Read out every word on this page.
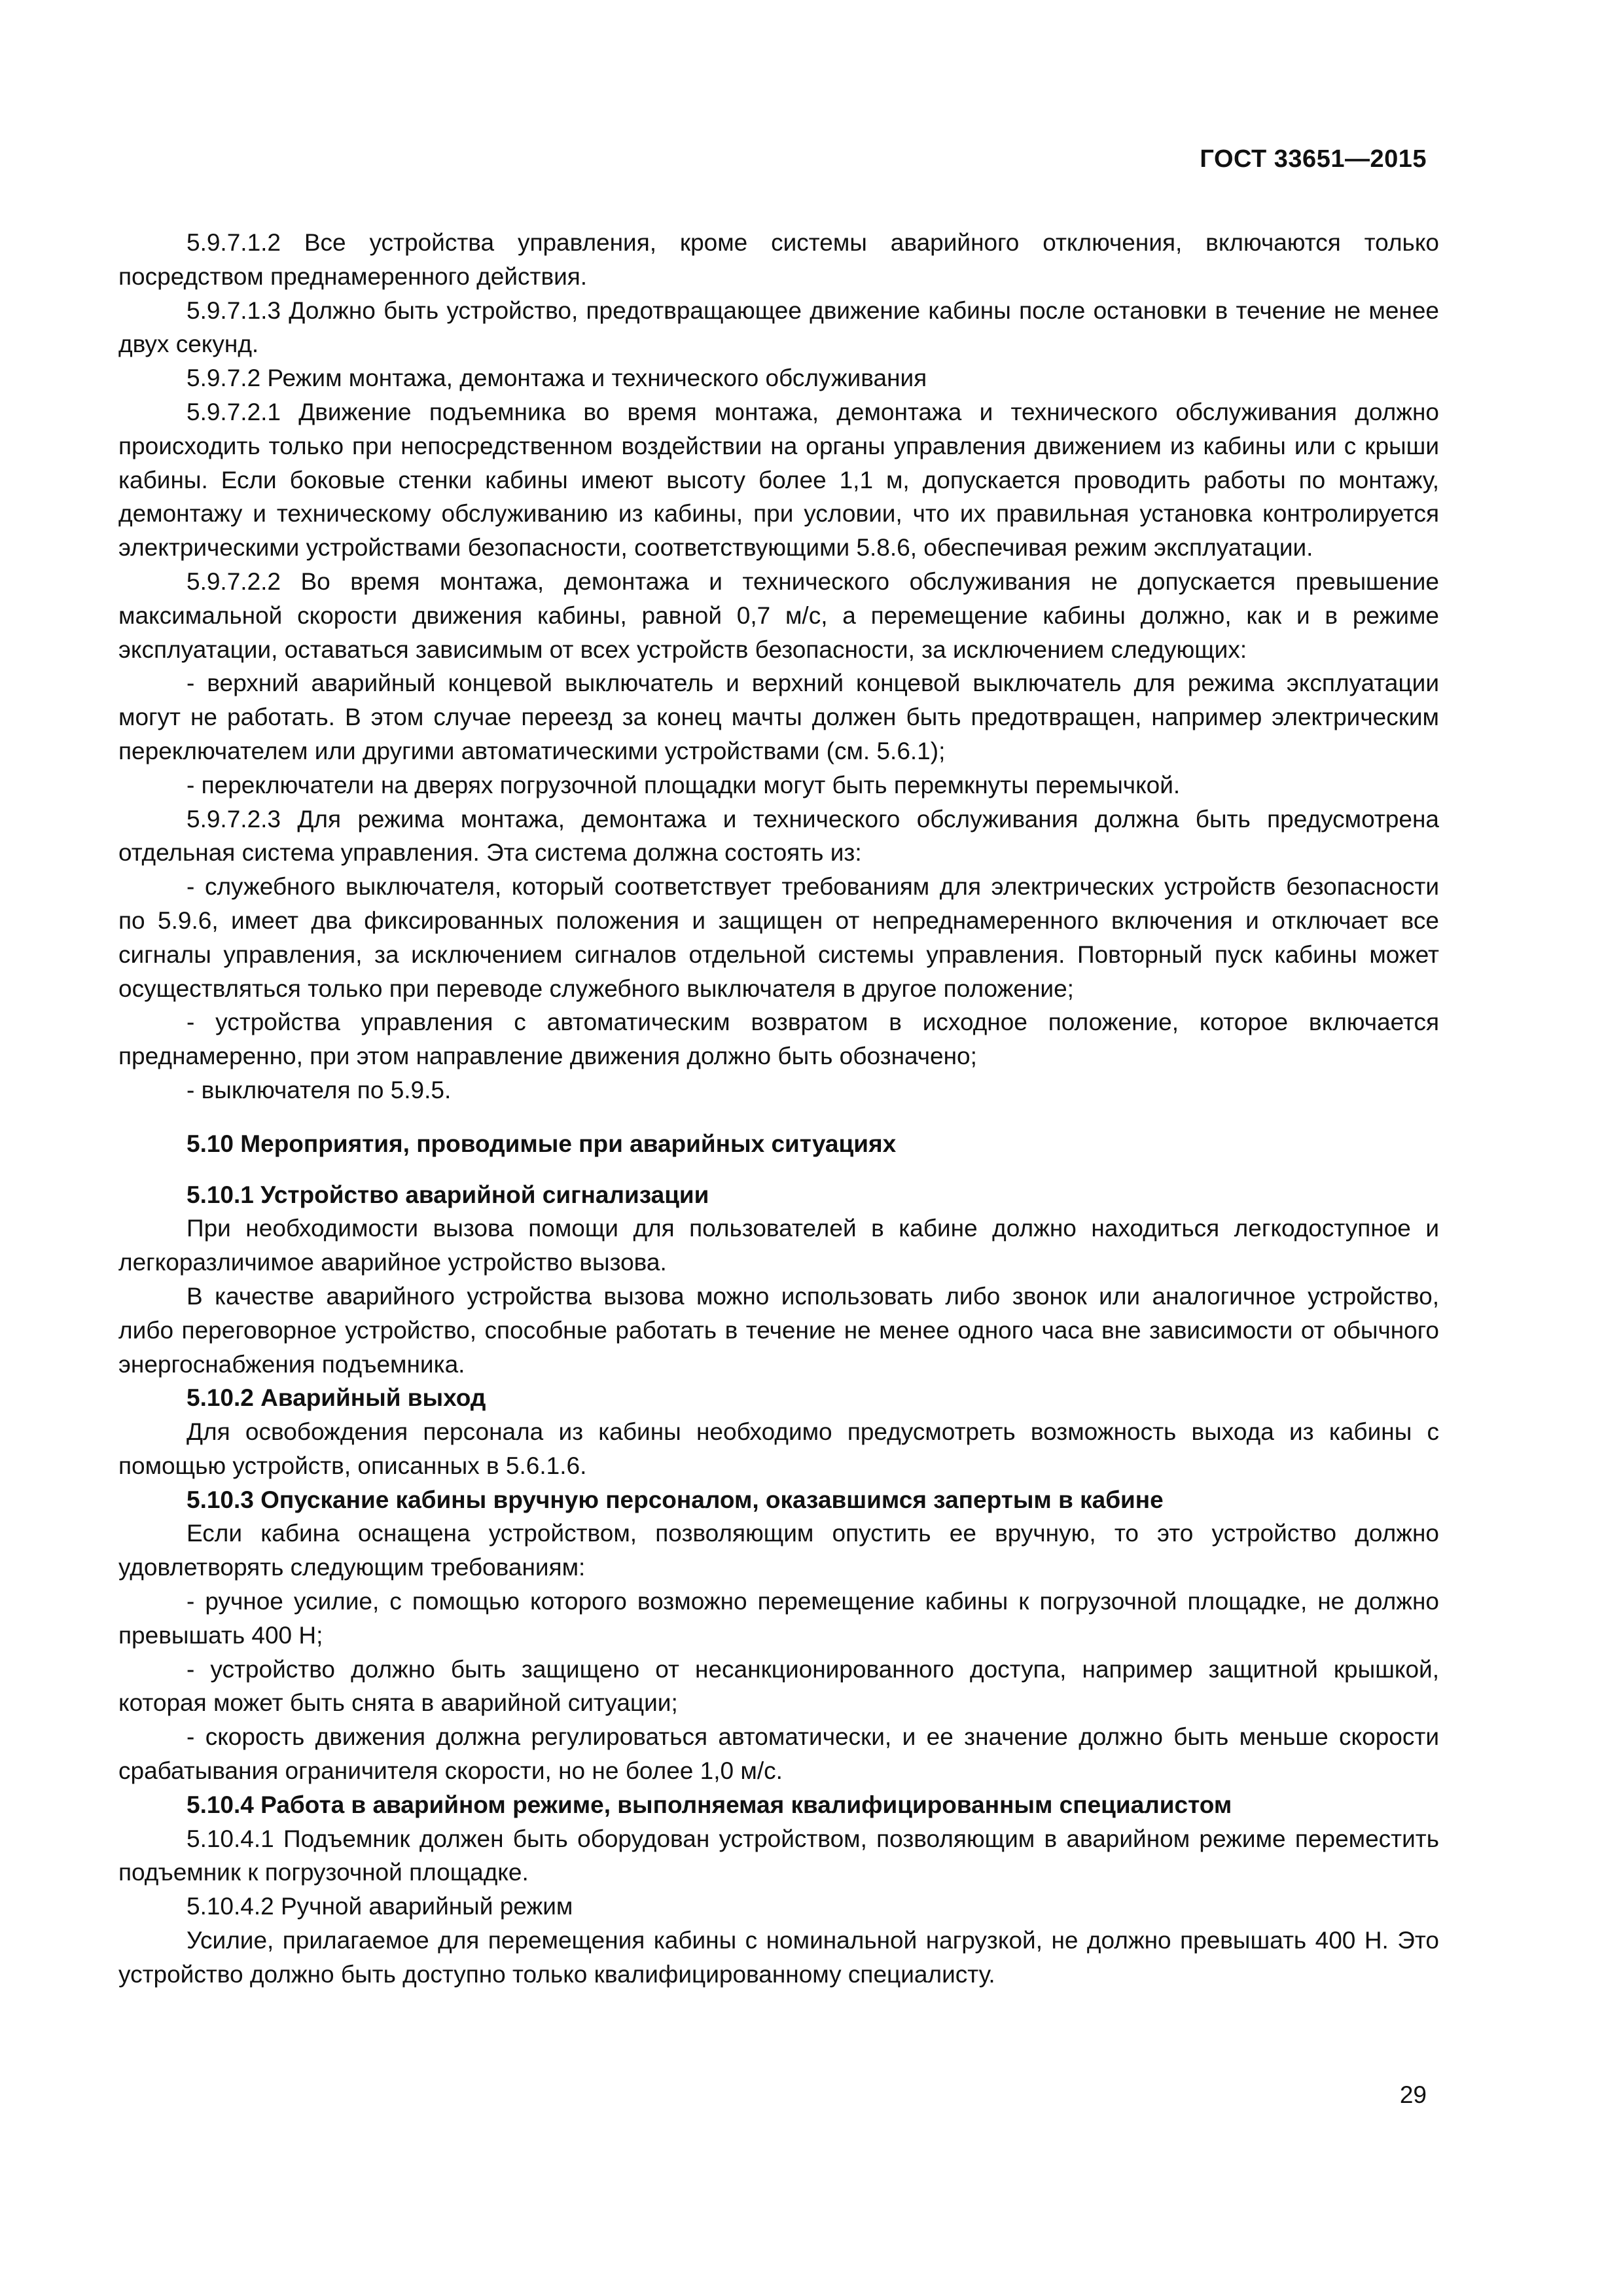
ГОСТ 33651—2015

5.9.7.1.2 Все устройства управления, кроме системы аварийного отключения, включаются только посредством преднамеренного действия.

5.9.7.1.3 Должно быть устройство, предотвращающее движение кабины после остановки в течение не менее двух секунд.

5.9.7.2 Режим монтажа, демонтажа и технического обслуживания

5.9.7.2.1 Движение подъемника во время монтажа, демонтажа и технического обслуживания должно происходить только при непосредственном воздействии на органы управления движением из кабины или с крыши кабины. Если боковые стенки кабины имеют высоту более 1,1 м, допускается проводить работы по монтажу, демонтажу и техническому обслуживанию из кабины, при условии, что их правильная установка контролируется электрическими устройствами безопасности, соответствующими 5.8.6, обеспечивая режим эксплуатации.

5.9.7.2.2 Во время монтажа, демонтажа и технического обслуживания не допускается превышение максимальной скорости движения кабины, равной 0,7 м/с, а перемещение кабины должно, как и в режиме эксплуатации, оставаться зависимым от всех устройств безопасности, за исключением следующих:

- верхний аварийный концевой выключатель и верхний концевой выключатель для режима эксплуатации могут не работать. В этом случае переезд за конец мачты должен быть предотвращен, например электрическим переключателем или другими автоматическими устройствами (см. 5.6.1);

- переключатели на дверях погрузочной площадки могут быть перемкнуты перемычкой.

5.9.7.2.3 Для режима монтажа, демонтажа и технического обслуживания должна быть предусмотрена отдельная система управления. Эта система должна состоять из:

- служебного выключателя, который соответствует требованиям для электрических устройств безопасности по 5.9.6, имеет два фиксированных положения и защищен от непреднамеренного включения и отключает все сигналы управления, за исключением сигналов отдельной системы управления. Повторный пуск кабины может осуществляться только при переводе служебного выключателя в другое положение;

- устройства управления с автоматическим возвратом в исходное положение, которое включается преднамеренно, при этом направление движения должно быть обозначено;

- выключателя по 5.9.5.

5.10 Мероприятия, проводимые при аварийных ситуациях

5.10.1 Устройство аварийной сигнализации

При необходимости вызова помощи для пользователей в кабине должно находиться легкодоступное и легкоразличимое аварийное устройство вызова.

В качестве аварийного устройства вызова можно использовать либо звонок или аналогичное устройство, либо переговорное устройство, способные работать в течение не менее одного часа вне зависимости от обычного энергоснабжения подъемника.

5.10.2 Аварийный выход

Для освобождения персонала из кабины необходимо предусмотреть возможность выхода из кабины с помощью устройств, описанных в 5.6.1.6.

5.10.3 Опускание кабины вручную персоналом, оказавшимся запертым в кабине

Если кабина оснащена устройством, позволяющим опустить ее вручную, то это устройство должно удовлетворять следующим требованиям:

- ручное усилие, с помощью которого возможно перемещение кабины к погрузочной площадке, не должно превышать 400 Н;

- устройство должно быть защищено от несанкционированного доступа, например защитной крышкой, которая может быть снята в аварийной ситуации;

- скорость движения должна регулироваться автоматически, и ее значение должно быть меньше скорости срабатывания ограничителя скорости, но не более 1,0 м/с.

5.10.4 Работа в аварийном режиме, выполняемая квалифицированным специалистом

5.10.4.1 Подъемник должен быть оборудован устройством, позволяющим в аварийном режиме переместить подъемник к погрузочной площадке.

5.10.4.2 Ручной аварийный режим

Усилие, прилагаемое для перемещения кабины с номинальной нагрузкой, не должно превышать 400 Н. Это устройство должно быть доступно только квалифицированному специалисту.

29
